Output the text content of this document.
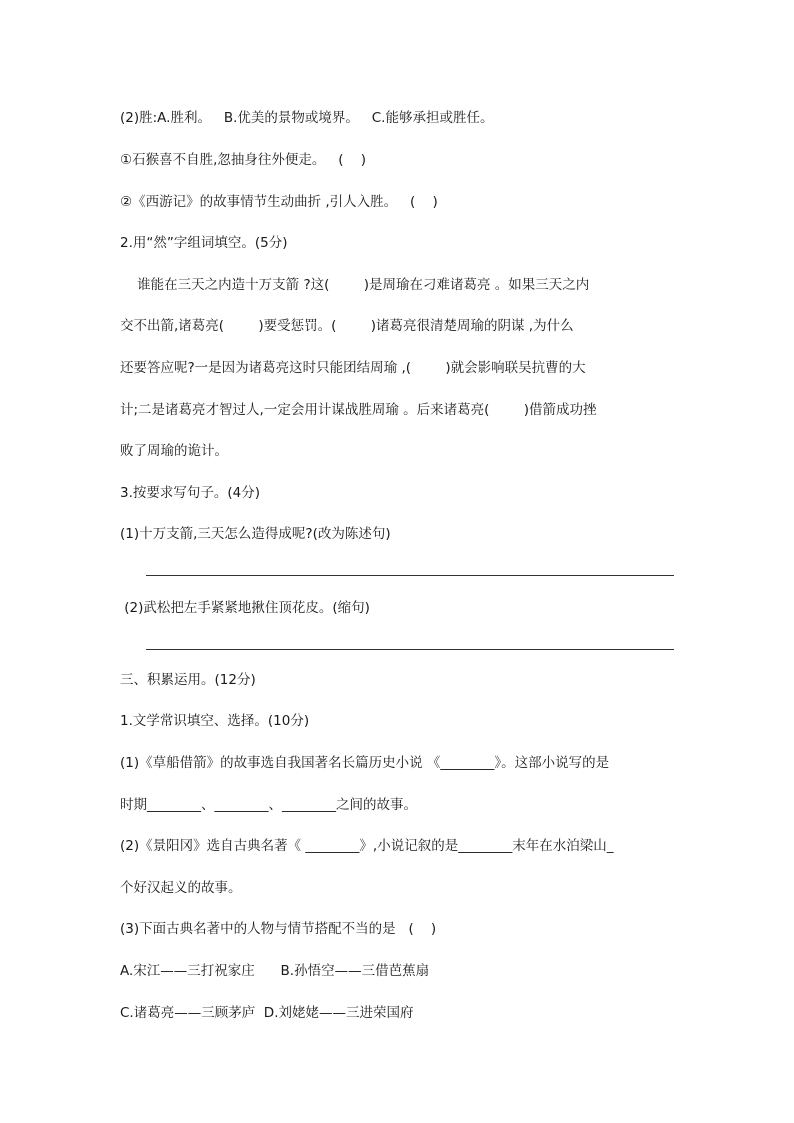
(2)胜:A.胜利。   B.优美的景物或境界。   C.能够承担或胜任。
①石猴喜不自胜,忽抽身往外便走。   (    )
②《西游记》的故事情节生动曲折 ,引人入胜。   (    )
2.用“然”字组词填空。(5分)
谁能在三天之内造十万支箭 ?这(        )是周瑜在刁难诸葛亮 。如果三天之内
交不出箭,诸葛亮(        )要受惩罚。(        )诸葛亮很清楚周瑜的阴谋 ,为什么
还要答应呢?一是因为诸葛亮这时只能团结周瑜 ,(        )就会影响联吴抗曹的大
计;二是诸葛亮才智过人,一定会用计谋战胜周瑜 。后来诸葛亮(        )借箭成功挫
败了周瑜的诡计。
3.按要求写句子。(4分)
(1)十万支箭,三天怎么造得成呢?(改为陈述句)
(2)武松把左手紧紧地揪住顶花皮。(缩句)
三、积累运用。(12分)
1.文学常识填空、选择。(10分)
(1)《草船借箭》的故事选自我国著名长篇历史小说 《________》。这部小说写的是
时期________、________、________之间的故事。
(2)《景阳冈》选自古典名著《 ________》,小说记叙的是________末年在水泊梁山_
个好汉起义的故事。
(3)下面古典名著中的人物与情节搭配不当的是   (    )
A.宋江——三打祝家庄      B.孙悟空——三借芭蕉扇
C.诸葛亮——三顾茅庐  D.刘姥姥——三进荣国府
